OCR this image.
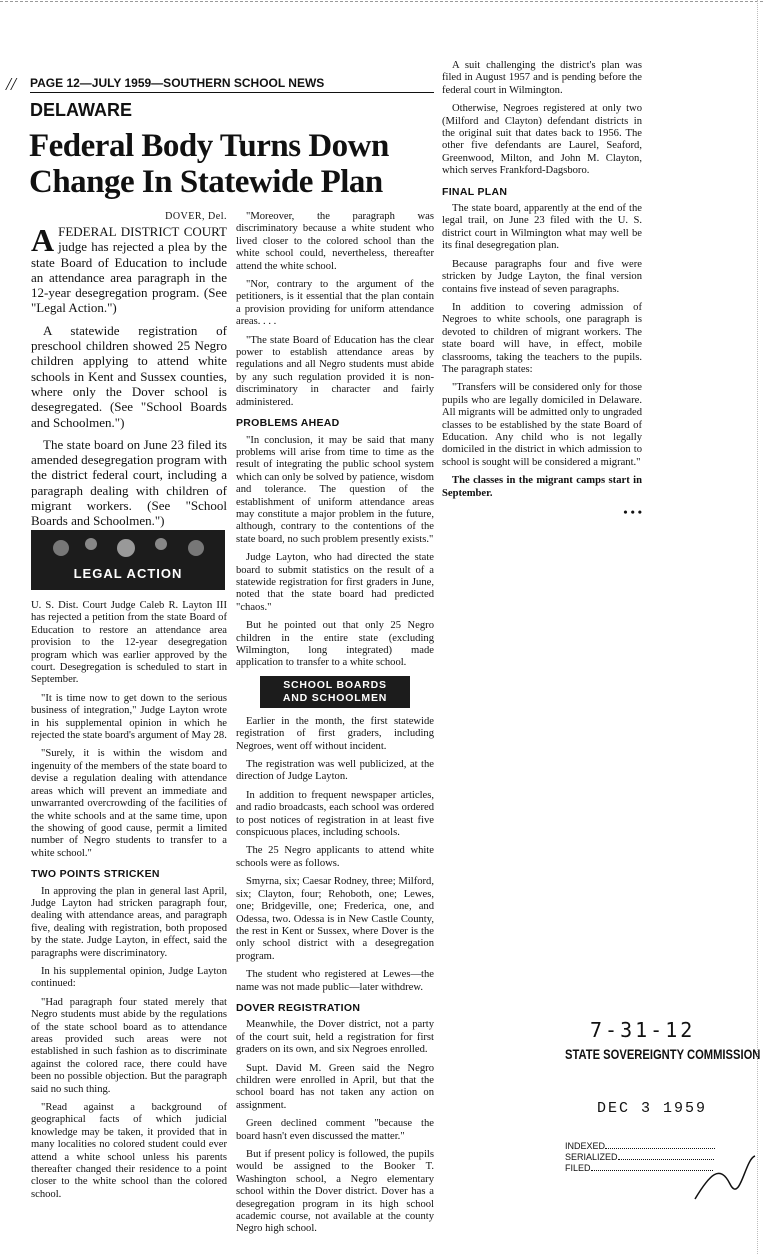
// PAGE 12—JULY 1959—SOUTHERN SCHOOL NEWS
DELAWARE
Federal Body Turns Down
Change In Statewide Plan
DOVER, Del.

A FEDERAL DISTRICT COURT judge has rejected a plea by the state Board of Education to include an attendance area paragraph in the 12-year desegregation program. (See "Legal Action.")

A statewide registration of preschool children showed 25 Negro children applying to attend white schools in Kent and Sussex counties, where only the Dover school is desegregated. (See "School Boards and Schoolmen.")

The state board on June 23 filed its amended desegregation program with the district federal court, including a paragraph dealing with children of migrant workers. (See "School Boards and Schoolmen.")

LEGAL ACTION

U. S. Dist. Court Judge Caleb R. Layton III has rejected a petition from the state Board of Education to restore an attendance area provision to the 12-year desegregation program which was earlier approved by the court. Desegregation is scheduled to start in September.

"It is time now to get down to the serious business of integration," Judge Layton wrote in his supplemental opinion in which he rejected the state board's argument of May 28.

"Surely, it is within the wisdom and ingenuity of the members of the state board to devise a regulation dealing with attendance areas which will prevent an immediate and unwarranted overcrowding of the facilities of the white schools and at the same time, upon the showing of good cause, permit a limited number of Negro students to transfer to a white school."

TWO POINTS STRICKEN

In approving the plan in general last April, Judge Layton had stricken paragraph four, dealing with attendance areas, and paragraph five, dealing with registration, both proposed by the state. Judge Layton, in effect, said the paragraphs were discriminatory.

In his supplemental opinion, Judge Layton continued:

"Had paragraph four stated merely that Negro students must abide by the regulations of the state school board as to attendance areas provided such areas were not established in such fashion as to discriminate against the colored race, there could have been no possible objection. But the paragraph said no such thing.

"Read against a background of geographical facts of which judicial knowledge may be taken, it provided that in many localities no colored student could ever attend a white school unless his parents thereafter changed their residence to a point closer to the white school than the colored school.

"Moreover, the paragraph was discriminatory because a white student who lived closer to the colored school than the white school could, nevertheless, thereafter attend the white school.

"Nor, contrary to the argument of the petitioners, is it essential that the plan contain a provision providing for uniform attendance areas. . . .

"The state Board of Education has the clear power to establish attendance areas by regulations and all Negro students must abide by any such regulation provided it is non-discriminatory in character and fairly administered.

PROBLEMS AHEAD

"In conclusion, it may be said that many problems will arise from time to time as the result of integrating the public school system which can only be solved by patience, wisdom and tolerance. The question of the establishment of uniform attendance areas may constitute a major problem in the future, although, contrary to the contentions of the state board, no such problem presently exists."

Judge Layton, who had directed the state board to submit statistics on the result of a statewide registration for first graders in June, noted that the state board had predicted "chaos."

But he pointed out that only 25 Negro children in the entire state (excluding Wilmington, long integrated) made application to transfer to a white school.

SCHOOL BOARDS
AND SCHOOLMEN

Earlier in the month, the first statewide registration of first graders, including Negroes, went off without incident.

The registration was well publicized, at the direction of Judge Layton.

In addition to frequent newspaper articles, and radio broadcasts, each school was ordered to post notices of registration in at least five conspicuous places, including schools.

The 25 Negro applicants to attend white schools were as follows.

Smyrna, six; Caesar Rodney, three; Milford, six; Clayton, four; Rehoboth, one; Lewes, one; Bridgeville, one; Frederica, one, and Odessa, two. Odessa is in New Castle County, the rest in Kent or Sussex, where Dover is the only school district with a desegregation program.

The student who registered at Lewes—the name was not made public—later withdrew.

DOVER REGISTRATION

Meanwhile, the Dover district, not a party of the court suit, held a registration for first graders on its own, and six Negroes enrolled.

Supt. David M. Green said the Negro children were enrolled in April, but that the school board has not taken any action on assignment.

Green declined comment "because the board hasn't even discussed the matter."

But if present policy is followed, the pupils would be assigned to the Booker T. Washington school, a Negro elementary school within the Dover district. Dover has a desegregation program in its high school academic course, not available at the county Negro high school.

A suit challenging the district's plan was filed in August 1957 and is pending before the federal court in Wilmington.

Otherwise, Negroes registered at only two (Milford and Clayton) defendant districts in the original suit that dates back to 1956. The other five defendants are Laurel, Seaford, Greenwood, Milton, and John M. Clayton, which serves Frankford-Dagsboro.

FINAL PLAN

The state board, apparently at the end of the legal trail, on June 23 filed with the U. S. district court in Wilmington what may well be its final desegregation plan.

Because paragraphs four and five were stricken by Judge Layton, the final version contains five instead of seven paragraphs.

In addition to covering admission of Negroes to white schools, one paragraph is devoted to children of migrant workers. The state board will have, in effect, mobile classrooms, taking the teachers to the pupils. The paragraph states:

"Transfers will be considered only for those pupils who are legally domiciled in Delaware. All migrants will be admitted only to ungraded classes to be established by the state Board of Education. Any child who is not legally domiciled in the district in which admission to school is sought will be considered a migrant."

The classes in the migrant camps start in September.

• • •
7-31-12
STATE SOVEREIGNTY COMMISSION
DEC 3 1959
INDEXED
SERIALIZED
FILED
